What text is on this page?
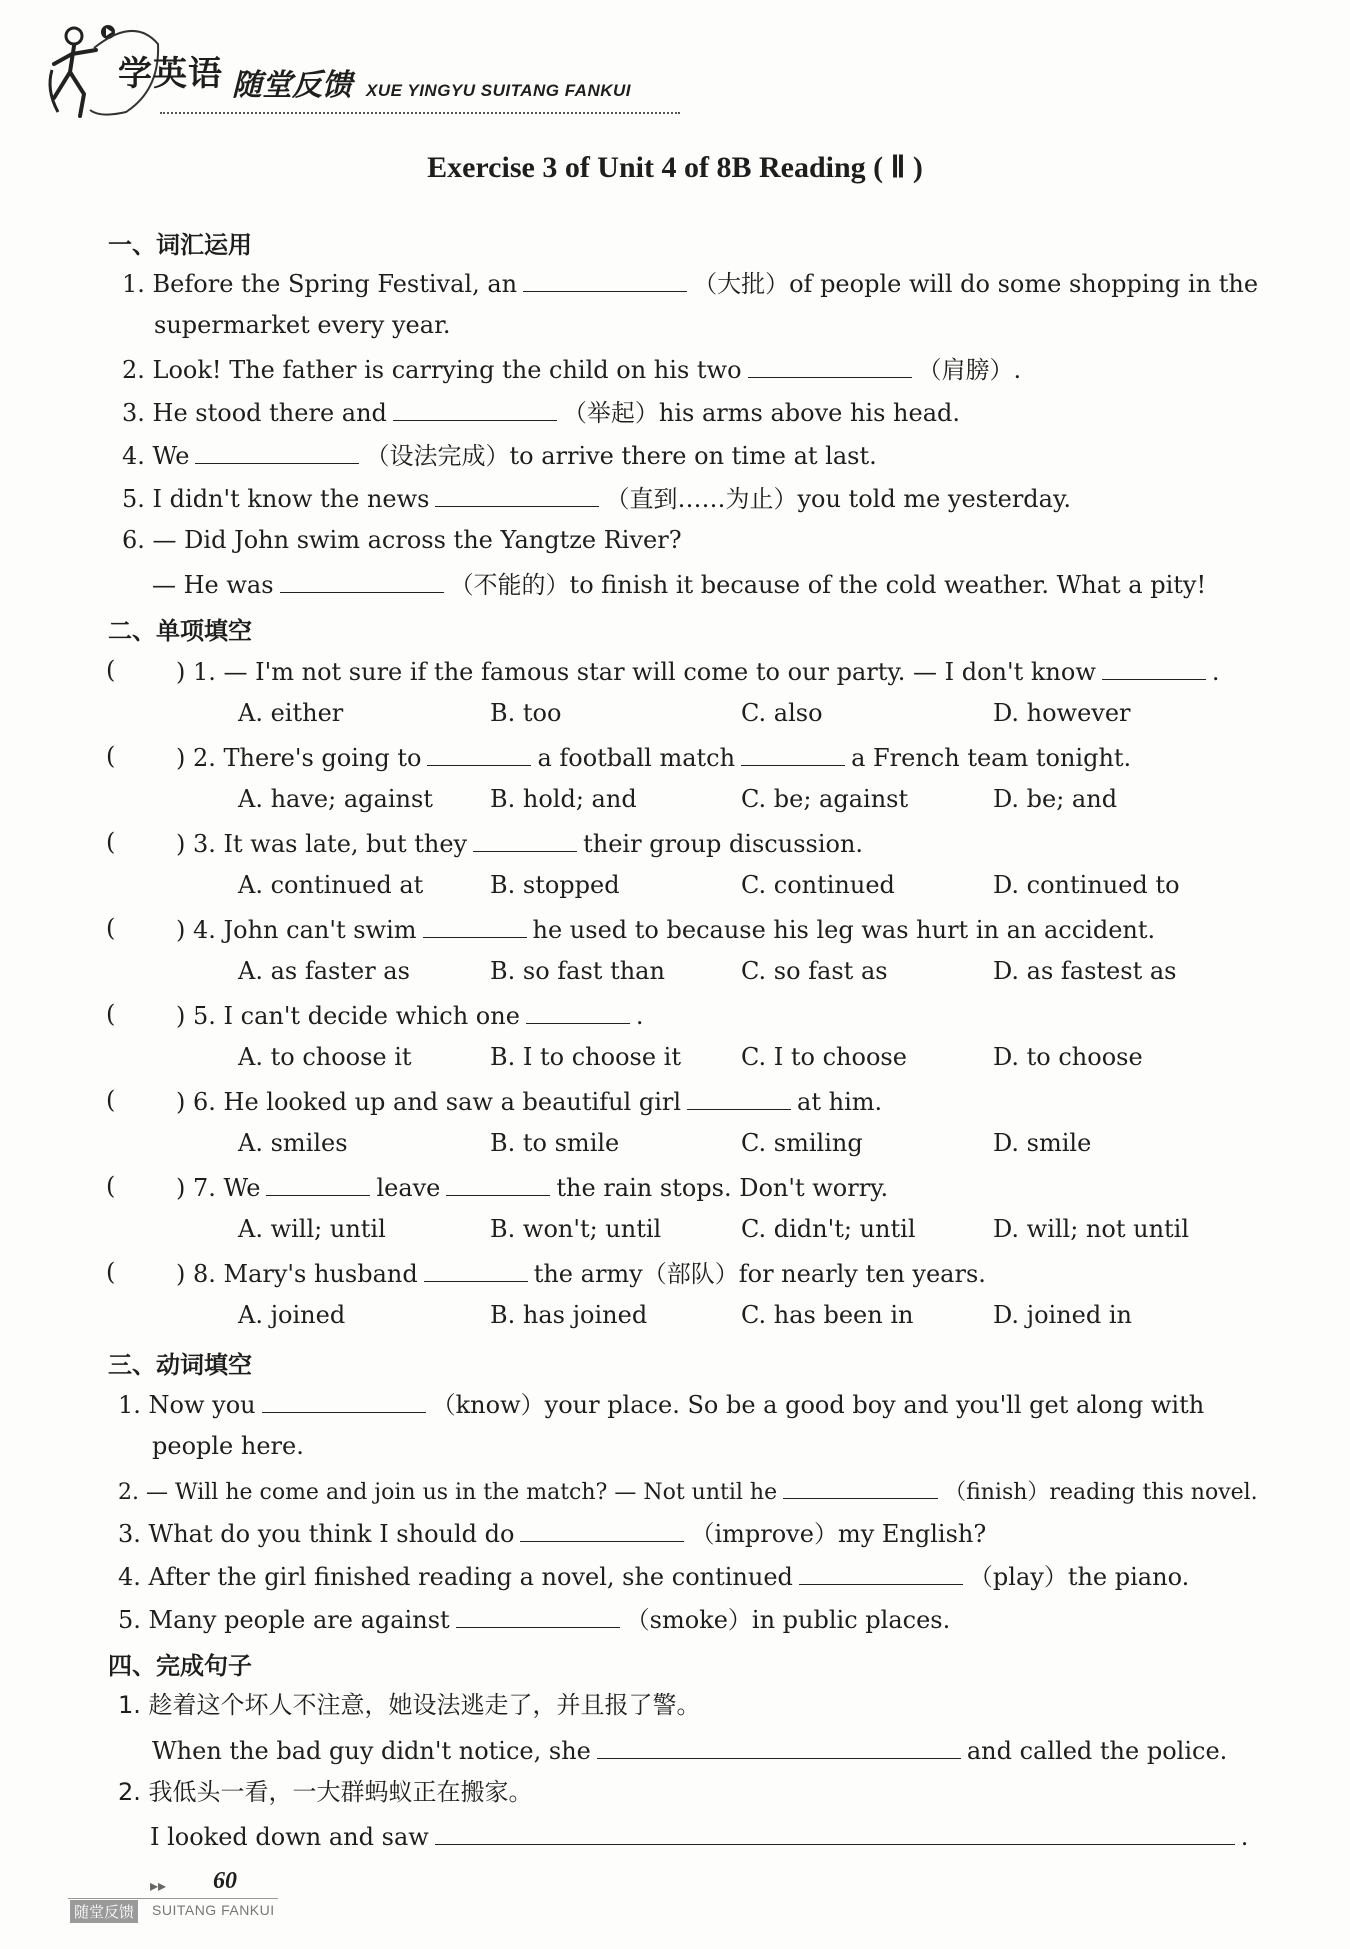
学英语 随堂反馈 XUE YINGYU SUITANG FANKUI
Exercise 3 of Unit 4 of 8B Reading ( Ⅱ )
一、词汇运用
1. Before the Spring Festival, an	（大批）of people will do some shopping in the
supermarket every year.
2. Look! The father is carrying the child on his two	（肩膀）.
3. He stood there and	（举起）his arms above his head.
4. We	（设法完成）to arrive there on time at last.
5. I didn't know the news	（直到……为止）you told me yesterday.
6. — Did John swim across the Yangtze River?
— He was	（不能的）to finish it because of the cold weather. What a pity!
二、单项填空
(	) 1. — I'm not sure if the famous star will come to our party. — I don't know	.
A. either	B. too	C. also	D. however
(	) 2. There's going to	a football match	a French team tonight.
A. have; against B. hold; and	C. be; against	D. be; and
(	) 3. It was late, but they	their group discussion.
A. continued at	B. stopped	C. continued	D. continued to
(	) 4. John can't swim	he used to because his leg was hurt in an accident.
A. as faster as	B. so fast than	C. so fast as	D. as fastest as
(	) 5. I can't decide which one	.
A. to choose it	B. I to choose it	C. I to choose	D. to choose
(	) 6. He looked up and saw a beautiful girl	at him.
A. smiles	B. to smile	C. smiling	D. smile
(	) 7. We	leave	the rain stops. Don't worry.
A. will; until	B. won't; until	C. didn't; until	D. will; not until
(	) 8. Mary's husband	the army（部队）for nearly ten years.
A. joined	B. has joined	C. has been in	D. joined in
三、动词填空
1. Now you	（know）your place. So be a good boy and you'll get along with
people here.
2. — Will he come and join us in the match? — Not until he	（finish）reading this novel.
3. What do you think I should do	（improve）my English?
4. After the girl finished reading a novel, she continued	（play）the piano.
5. Many people are against	（smoke）in public places.
四、完成句子
1. 趁着这个坏人不注意，她设法逃走了，并且报了警。
When the bad guy didn't notice, she	and called the police.
2. 我低头一看，一大群蚂蚁正在搬家。
I looked down and saw	.
▸▸ 60
随堂反馈 SUITANG FANKUI
